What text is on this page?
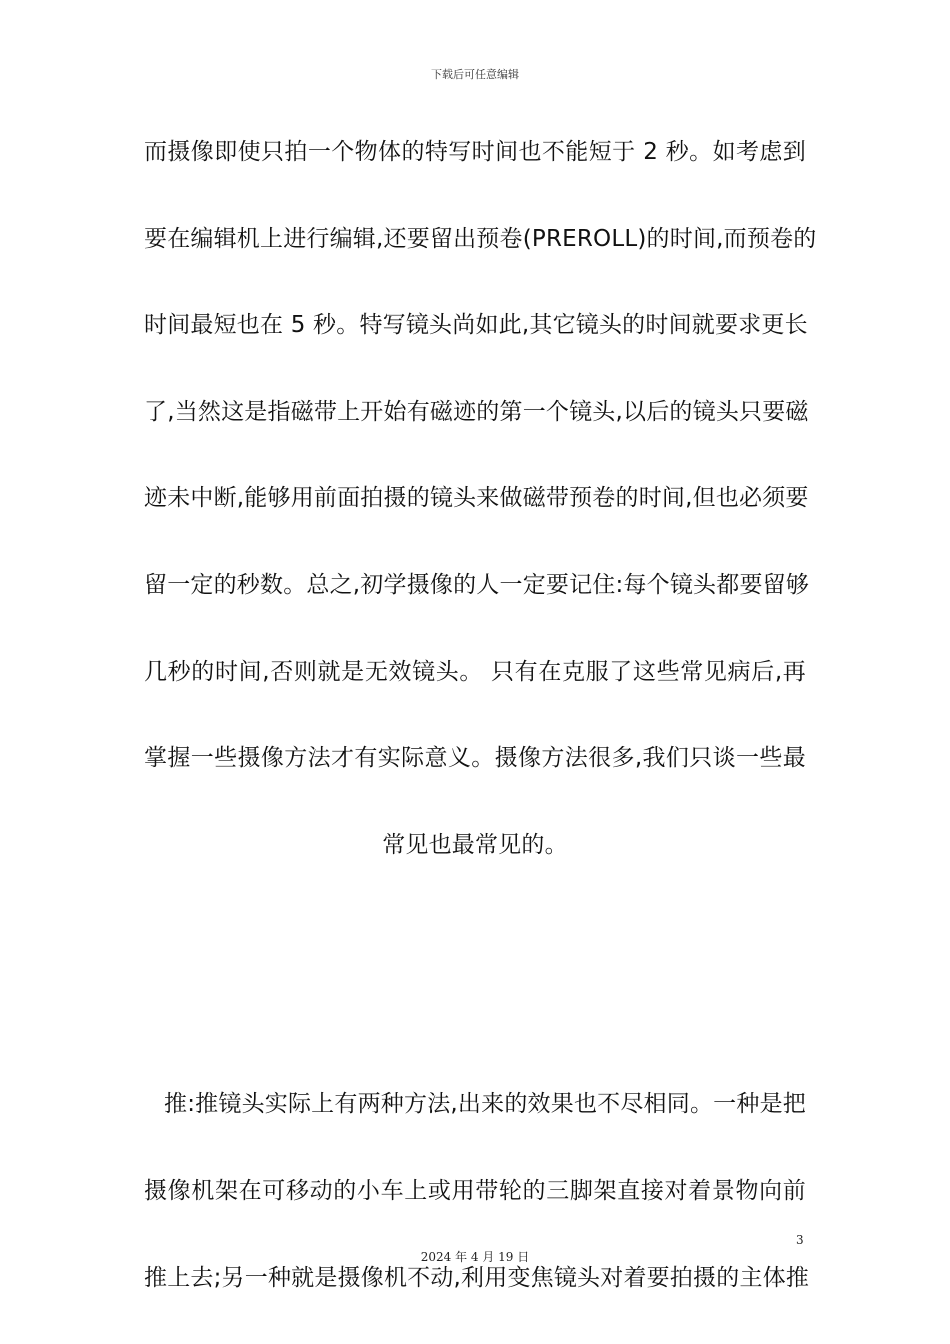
下载后可任意编辑
而摄像即使只拍一个物体的特写时间也不能短于 2 秒。如考虑到
要在编辑机上进行编辑,还要留出预卷(PREROLL)的时间,而预卷的
时间最短也在 5 秒。特写镜头尚如此,其它镜头的时间就要求更长
了,当然这是指磁带上开始有磁迹的第一个镜头,以后的镜头只要磁
迹未中断,能够用前面拍摄的镜头来做磁带预卷的时间,但也必须要
留一定的秒数。总之,初学摄像的人一定要记住:每个镜头都要留够
几秒的时间,否则就是无效镜头。 只有在克服了这些常见病后,再
掌握一些摄像方法才有实际意义。摄像方法很多,我们只谈一些最
常见也最常见的。
推:推镜头实际上有两种方法,出来的效果也不尽相同。一种是把
摄像机架在可移动的小车上或用带轮的三脚架直接对着景物向前
推上去;另一种就是摄像机不动,利用变焦镜头对着要拍摄的主体推
3
2024 年 4 月 19 日
